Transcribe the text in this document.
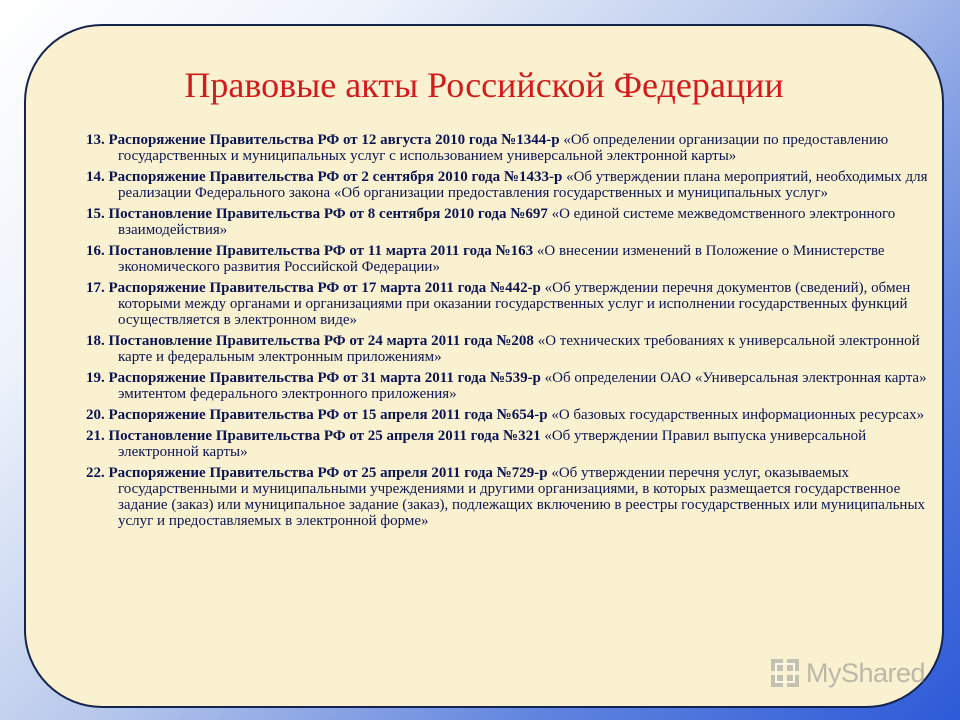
Правовые акты Российской Федерации
13. Распоряжение Правительства РФ от 12 августа 2010 года №1344-р «Об определении организации по предоставлению государственных и муниципальных услуг с использованием универсальной электронной карты»
14. Распоряжение Правительства РФ от 2 сентября 2010 года №1433-р «Об утверждении плана мероприятий, необходимых для реализации Федерального закона «Об организации предоставления государственных и муниципальных услуг»
15. Постановление Правительства РФ от 8 сентября 2010 года №697 «О единой системе межведомственного электронного взаимодействия»
16. Постановление Правительства РФ от 11 марта 2011 года №163 «О внесении изменений в Положение о Министерстве экономического развития Российской Федерации»
17. Распоряжение Правительства РФ от 17 марта 2011 года №442-р «Об утверждении перечня документов (сведений), обмен которыми между органами и организациями при оказании государственных услуг и исполнении государственных функций осуществляется в электронном виде»
18. Постановление Правительства РФ от 24 марта 2011 года №208 «О технических требованиях к универсальной электронной карте и федеральным электронным приложениям»
19. Распоряжение Правительства РФ от 31 марта 2011 года №539-р «Об определении ОАО «Универсальная электронная карта» эмитентом федерального электронного приложения»
20. Распоряжение Правительства РФ от 15 апреля 2011 года №654-р «О базовых государственных информационных ресурсах»
21. Постановление Правительства РФ от 25 апреля 2011 года №321 «Об утверждении Правил выпуска универсальной электронной карты»
22. Распоряжение Правительства РФ от 25 апреля 2011 года №729-р «Об утверждении перечня услуг, оказываемых государственными и муниципальными учреждениями и другими организациями, в которых размещается государственное задание (заказ) или муниципальное задание (заказ), подлежащих включению в реестры государственных или муниципальных услуг и предоставляемых в электронной форме»
MyShared
